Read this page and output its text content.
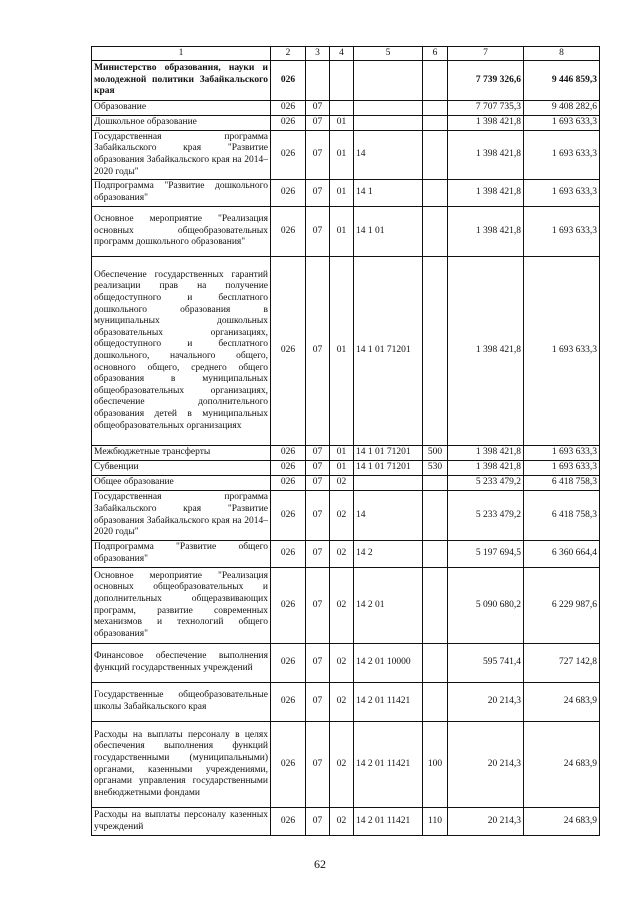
1	2	3	4	5	6	7	8
Министерство образования, науки и молодежной политики Забайкальского края	026					7 739 326,6	9 446 859,3
Образование	026	07				7 707 735,3	9 408 282,6
Дошкольное образование	026	07	01			1 398 421,8	1 693 633,3
Государственная программа Забайкальского края "Развитие образования Забайкальского края на 2014–2020 годы"	026	07	01	14		1 398 421,8	1 693 633,3
Подпрограмма "Развитие дошкольного образования"	026	07	01	14 1		1 398 421,8	1 693 633,3
Основное мероприятие "Реализация основных общеобразовательных программ дошкольного образования"	026	07	01	14 1 01		1 398 421,8	1 693 633,3
Обеспечение государственных гарантий реализации прав на получение общедоступного и бесплатного дошкольного образования в муниципальных дошкольных образовательных организациях, общедоступного и бесплатного дошкольного, начального общего, основного общего, среднего общего образования в муниципальных общеобразовательных организациях, обеспечение дополнительного образования детей в муниципальных общеобразовательных организациях	026	07	01	14 1 01 71201		1 398 421,8	1 693 633,3
Межбюджетные трансферты	026	07	01	14 1 01 71201	500	1 398 421,8	1 693 633,3
Субвенции	026	07	01	14 1 01 71201	530	1 398 421,8	1 693 633,3
Общее образование	026	07	02			5 233 479,2	6 418 758,3
Государственная программа Забайкальского края "Развитие образования Забайкальского края на 2014–2020 годы"	026	07	02	14		5 233 479,2	6 418 758,3
Подпрограмма "Развитие общего образования"	026	07	02	14 2		5 197 694,5	6 360 664,4
Основное мероприятие "Реализация основных общеобразовательных и дополнительных общеразвивающих программ, развитие современных механизмов и технологий общего образования"	026	07	02	14 2 01		5 090 680,2	6 229 987,6
Финансовое обеспечение выполнения функций государственных учреждений	026	07	02	14 2 01 10000		595 741,4	727 142,8
Государственные общеобразовательные школы Забайкальского края	026	07	02	14 2 01 11421		20 214,3	24 683,9
Расходы на выплаты персоналу в целях обеспечения выполнения функций государственными (муниципальными) органами, казенными учреждениями, органами управления государственными внебюджетными фондами	026	07	02	14 2 01 11421	100	20 214,3	24 683,9
Расходы на выплаты персоналу казенных учреждений	026	07	02	14 2 01 11421	110	20 214,3	24 683,9
62
